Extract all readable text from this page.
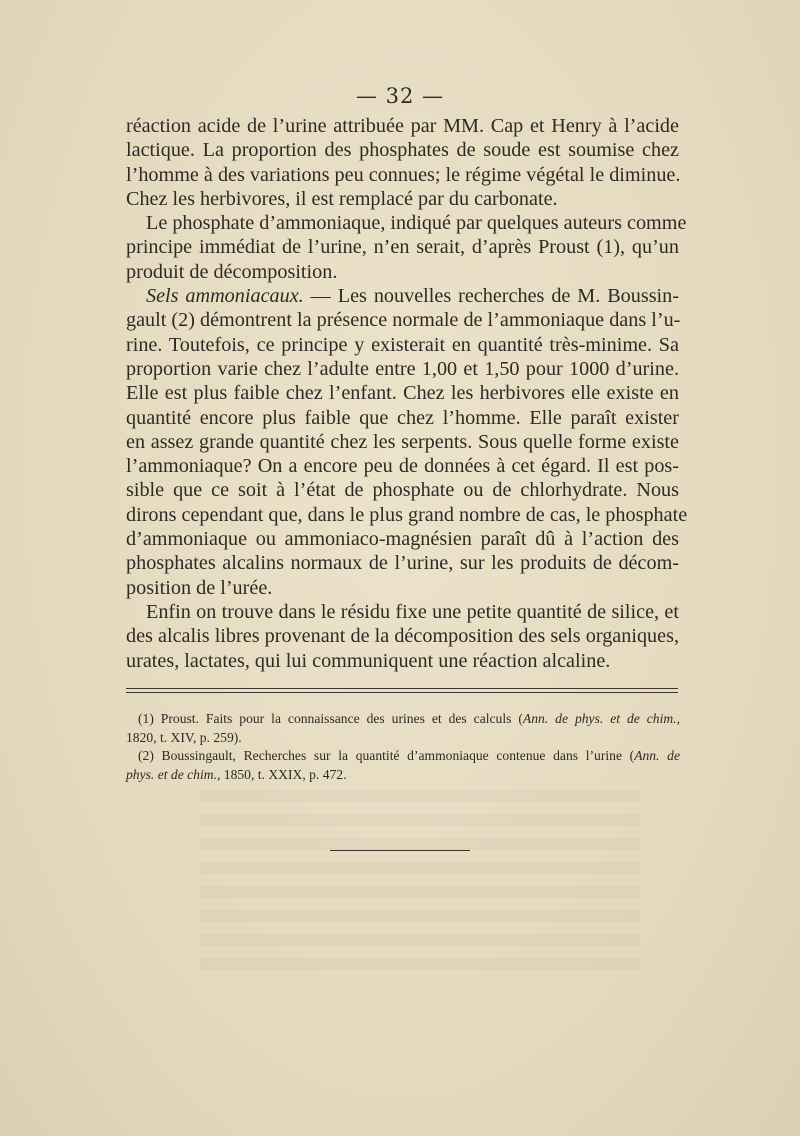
— 32 —

réaction acide de l’urine attribuée par MM. Cap et Henry à l’acide
lactique. La proportion des phosphates de soude est soumise chez
l’homme à des variations peu connues; le régime végétal le diminue.
Chez les herbivores, il est remplacé par du carbonate.

Le phosphate d’ammoniaque, indiqué par quelques auteurs comme
principe immédiat de l’urine, n’en serait, d’après Proust (1), qu’un
produit de décomposition.

Sels ammoniacaux. — Les nouvelles recherches de M. Boussin-
gault (2) démontrent la présence normale de l’ammoniaque dans l’u-
rine. Toutefois, ce principe y existerait en quantité très-minime. Sa
proportion varie chez l’adulte entre 1,00 et 1,50 pour 1000 d’urine.
Elle est plus faible chez l’enfant. Chez les herbivores elle existe en
quantité encore plus faible que chez l’homme. Elle paraît exister
en assez grande quantité chez les serpents. Sous quelle forme existe
l’ammoniaque? On a encore peu de données à cet égard. Il est pos-
sible que ce soit à l’état de phosphate ou de chlorhydrate. Nous
dirons cependant que, dans le plus grand nombre de cas, le phosphate
d’ammoniaque ou ammoniaco-magnésien paraît dû à l’action des
phosphates alcalins normaux de l’urine, sur les produits de décom-
position de l’urée.

Enfin on trouve dans le résidu fixe une petite quantité de silice, et
des alcalis libres provenant de la décomposition des sels organiques,
urates, lactates, qui lui communiquent une réaction alcaline.

(1) Proust. Faits pour la connaissance des urines et des calculs (Ann. de phys. et de chim.,
1820, t. XIV, p. 259).
(2) Boussingault, Recherches sur la quantité d’ammoniaque contenue dans l’urine (Ann. de
phys. et de chim., 1850, t. XXIX, p. 472.
